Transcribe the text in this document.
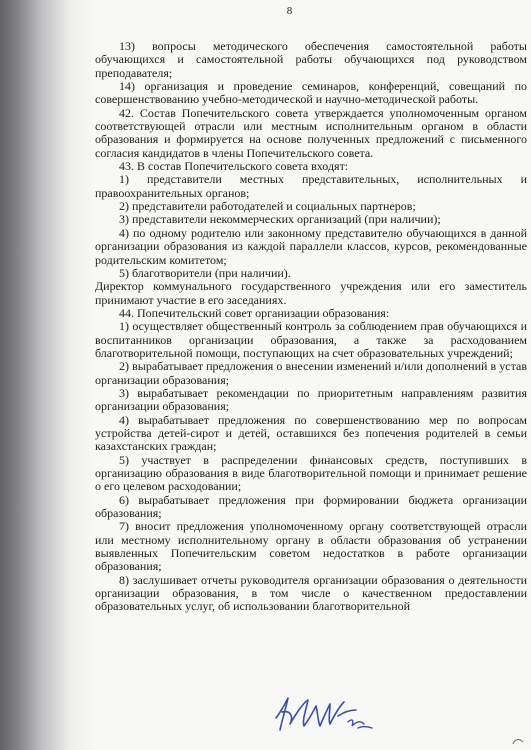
8

13) вопросы методического обеспечения самостоятельной работы обучающихся и самостоятельной работы обучающихся под руководством преподавателя;

14) организация и проведение семинаров, конференций, совещаний по совершенствованию учебно-методической и научно-методической работы.

42. Состав Попечительского совета утверждается уполномоченным органом соответствующей отрасли или местным исполнительным органом в области образования и формируется на основе полученных предложений с письменного согласия кандидатов в члены Попечительского совета.

43. В состав Попечительского совета входят:

1) представители местных представительных, исполнительных и правоохранительных органов;

2) представители работодателей и социальных партнеров;

3) представители некоммерческих организаций (при наличии);

4) по одному родителю или законному представителю обучающихся в данной организации образования из каждой параллели классов, курсов, рекомендованные родительским комитетом;

5) благотворители (при наличии).

Директор коммунального государственного учреждения или его заместитель принимают участие в его заседаниях.

44. Попечительский совет организации образования:

1) осуществляет общественный контроль за соблюдением прав обучающихся и воспитанников организации образования, а также за расходованием благотворительной помощи, поступающих на счет образовательных учреждений;

2) вырабатывает предложения о внесении изменений и/или дополнений в устав организации образования;

3) вырабатывает рекомендации по приоритетным направлениям развития организации образования;

4) вырабатывает предложения по совершенствованию мер по вопросам устройства детей-сирот и детей, оставшихся без попечения родителей в семьи казахстанских граждан;

5) участвует в распределении финансовых средств, поступивших в организацию образования в виде благотворительной помощи и принимает решение о его целевом расходовании;

6) вырабатывает предложения при формировании бюджета организации образования;

7) вносит предложения уполномоченному органу соответствующей отрасли или местному исполнительному органу в области образования об устранении выявленных Попечительским советом недостатков в работе организации образования;

8) заслушивает отчеты руководителя организации образования о деятельности организации образования, в том числе о качественном предоставлении образовательных услуг, об использовании благотворительной
